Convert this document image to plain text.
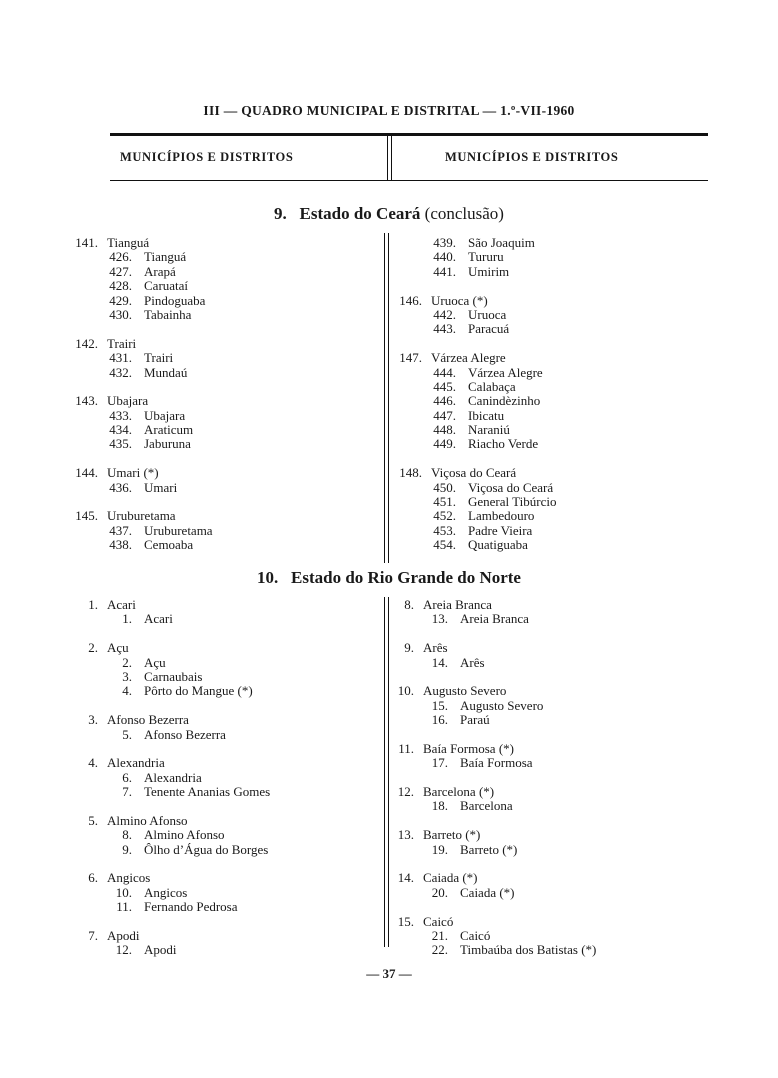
III — QUADRO MUNICIPAL E DISTRITAL — 1.º-VII-1960
MUNICÍPIOS E DISTRITOS	MUNICÍPIOS E DISTRITOS
9. Estado do Ceará (conclusão)
141. Tianguá
426. Tianguá
427. Arapá
428. Caruataí
429. Pindoguaba
430. Tabainha
142. Trairi
431. Trairi
432. Mundaú
143. Ubajara
433. Ubajara
434. Araticum
435. Jaburuna
144. Umari (*)
436. Umari
145. Uruburetama
437. Uruburetama
438. Cemoaba
439. São Joaquim
440. Tururu
441. Umirim
146. Uruoca (*)
442. Uruoca
443. Paracuá
147. Várzea Alegre
444. Várzea Alegre
445. Calabaça
446. Canindèzinho
447. Ibicatu
448. Naraniú
449. Riacho Verde
148. Viçosa do Ceará
450. Viçosa do Ceará
451. General Tibúrcio
452. Lambedouro
453. Padre Vieira
454. Quatiguaba
10. Estado do Rio Grande do Norte
1. Acari
1. Acari
2. Açu
2. Açu
3. Carnaubais
4. Pôrto do Mangue (*)
3. Afonso Bezerra
5. Afonso Bezerra
4. Alexandria
6. Alexandria
7. Tenente Ananias Gomes
5. Almino Afonso
8. Almino Afonso
9. Ôlho d’Água do Borges
6. Angicos
10. Angicos
11. Fernando Pedrosa
7. Apodi
12. Apodi
8. Areia Branca
13. Areia Branca
9. Arês
14. Arês
10. Augusto Severo
15. Augusto Severo
16. Paraú
11. Baía Formosa (*)
17. Baía Formosa
12. Barcelona (*)
18. Barcelona
13. Barreto (*)
19. Barreto (*)
14. Caiada (*)
20. Caiada (*)
15. Caicó
21. Caicó
22. Timbaúba dos Batistas (*)
— 37 —
